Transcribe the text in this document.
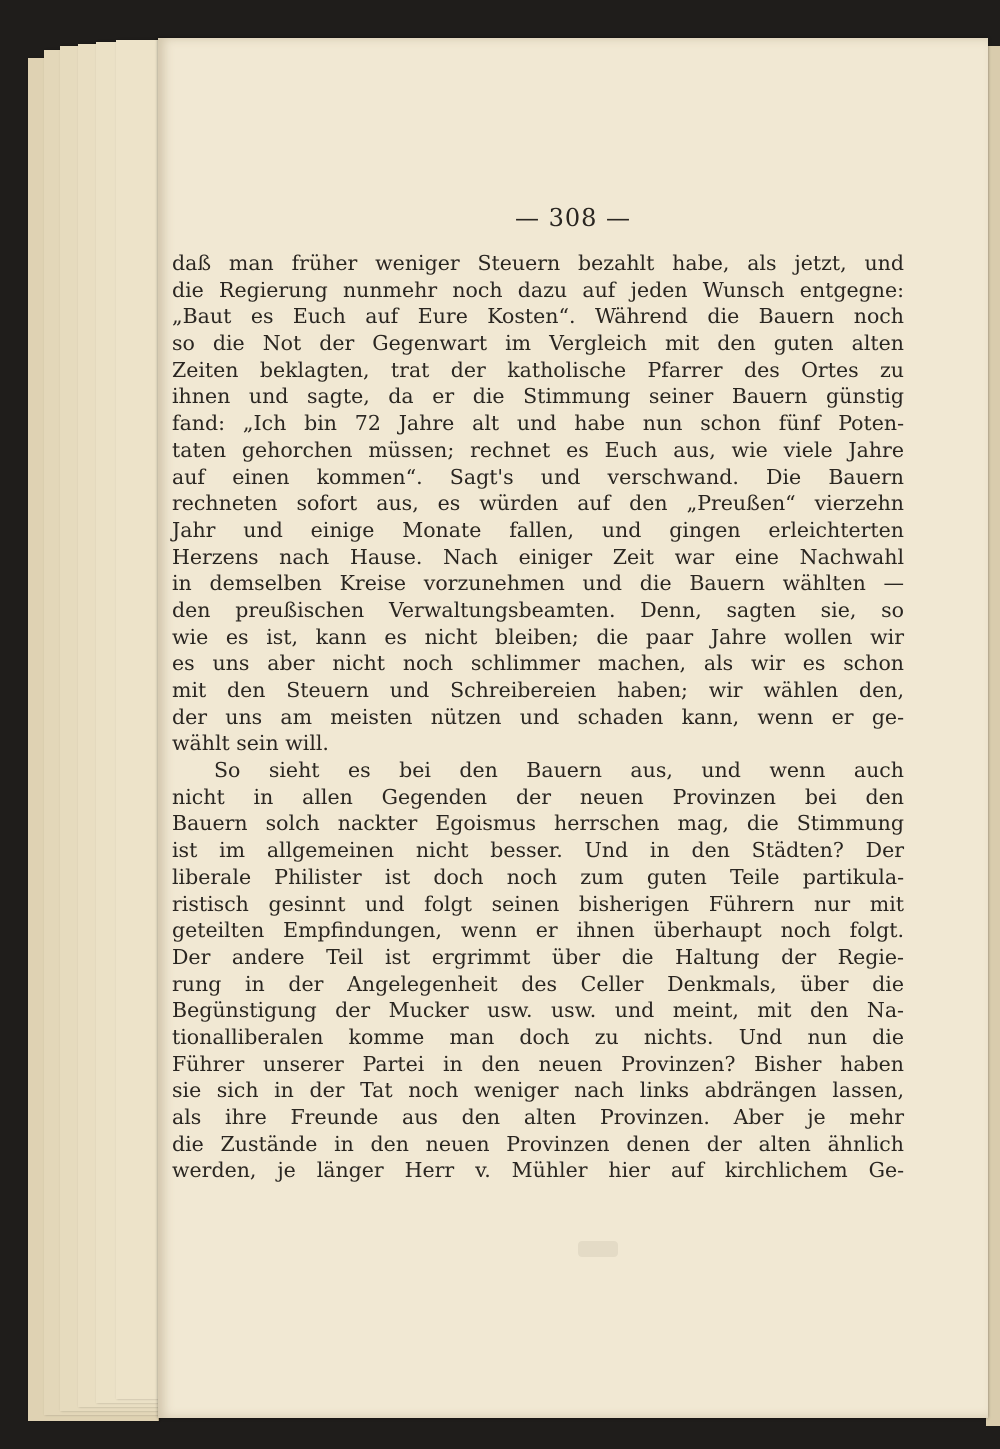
— 308 —
daß man früher weniger Steuern bezahlt habe, als jetzt, und
die Regierung nunmehr noch dazu auf jeden Wunsch entgegne:
„Baut es Euch auf Eure Kosten“. Während die Bauern noch
so die Not der Gegenwart im Vergleich mit den guten alten
Zeiten beklagten, trat der katholische Pfarrer des Ortes zu
ihnen und sagte, da er die Stimmung seiner Bauern günstig
fand: „Ich bin 72 Jahre alt und habe nun schon fünf Poten-
taten gehorchen müssen; rechnet es Euch aus, wie viele Jahre
auf einen kommen“. Sagt's und verschwand. Die Bauern
rechneten sofort aus, es würden auf den „Preußen“ vierzehn
Jahr und einige Monate fallen, und gingen erleichterten
Herzens nach Hause. Nach einiger Zeit war eine Nachwahl
in demselben Kreise vorzunehmen und die Bauern wählten —
den preußischen Verwaltungsbeamten. Denn, sagten sie, so
wie es ist, kann es nicht bleiben; die paar Jahre wollen wir
es uns aber nicht noch schlimmer machen, als wir es schon
mit den Steuern und Schreibereien haben; wir wählen den,
der uns am meisten nützen und schaden kann, wenn er ge-
wählt sein will.
So sieht es bei den Bauern aus, und wenn auch
nicht in allen Gegenden der neuen Provinzen bei den
Bauern solch nackter Egoismus herrschen mag, die Stimmung
ist im allgemeinen nicht besser. Und in den Städten? Der
liberale Philister ist doch noch zum guten Teile partikula-
ristisch gesinnt und folgt seinen bisherigen Führern nur mit
geteilten Empfindungen, wenn er ihnen überhaupt noch folgt.
Der andere Teil ist ergrimmt über die Haltung der Regie-
rung in der Angelegenheit des Celler Denkmals, über die
Begünstigung der Mucker usw. usw. und meint, mit den Na-
tionalliberalen komme man doch zu nichts. Und nun die
Führer unserer Partei in den neuen Provinzen? Bisher haben
sie sich in der Tat noch weniger nach links abdrängen lassen,
als ihre Freunde aus den alten Provinzen. Aber je mehr
die Zustände in den neuen Provinzen denen der alten ähnlich
werden, je länger Herr v. Mühler hier auf kirchlichem Ge-
